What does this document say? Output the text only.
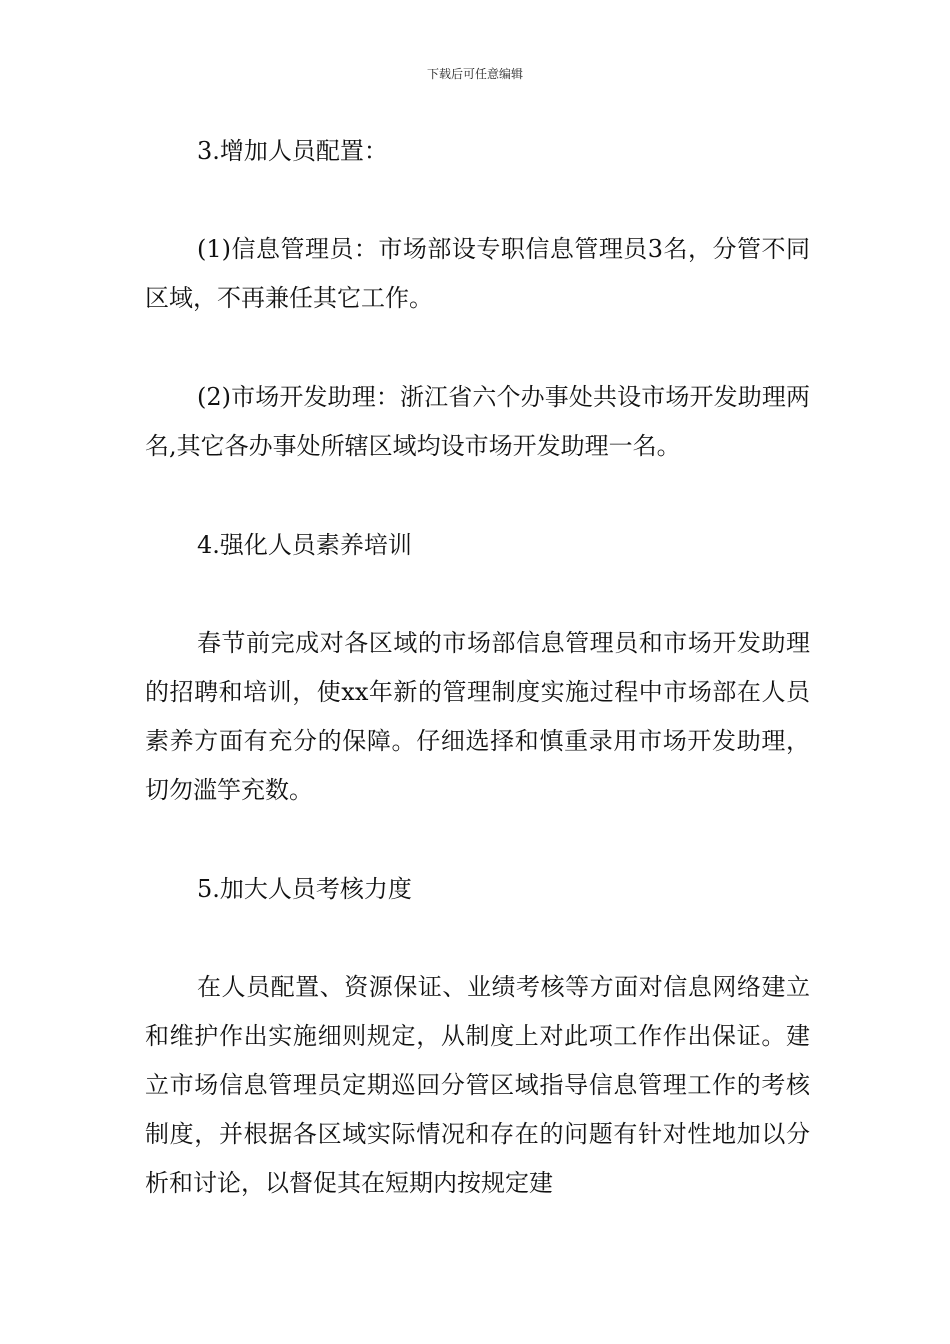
下载后可任意编辑

3.增加人员配置：

(1)信息管理员：市场部设专职信息管理员3名，分管不同区域，不再兼任其它工作。

(2)市场开发助理：浙江省六个办事处共设市场开发助理两名,其它各办事处所辖区域均设市场开发助理一名。

4.强化人员素养培训

春节前完成对各区域的市场部信息管理员和市场开发助理的招聘和培训，使xx年新的管理制度实施过程中市场部在人员素养方面有充分的保障。仔细选择和慎重录用市场开发助理，切勿滥竽充数。

5.加大人员考核力度

在人员配置、资源保证、业绩考核等方面对信息网络建立和维护作出实施细则规定，从制度上对此项工作作出保证。建立市场信息管理员定期巡回分管区域指导信息管理工作的考核制度，并根据各区域实际情况和存在的问题有针对性地加以分析和讨论，以督促其在短期内按规定建
